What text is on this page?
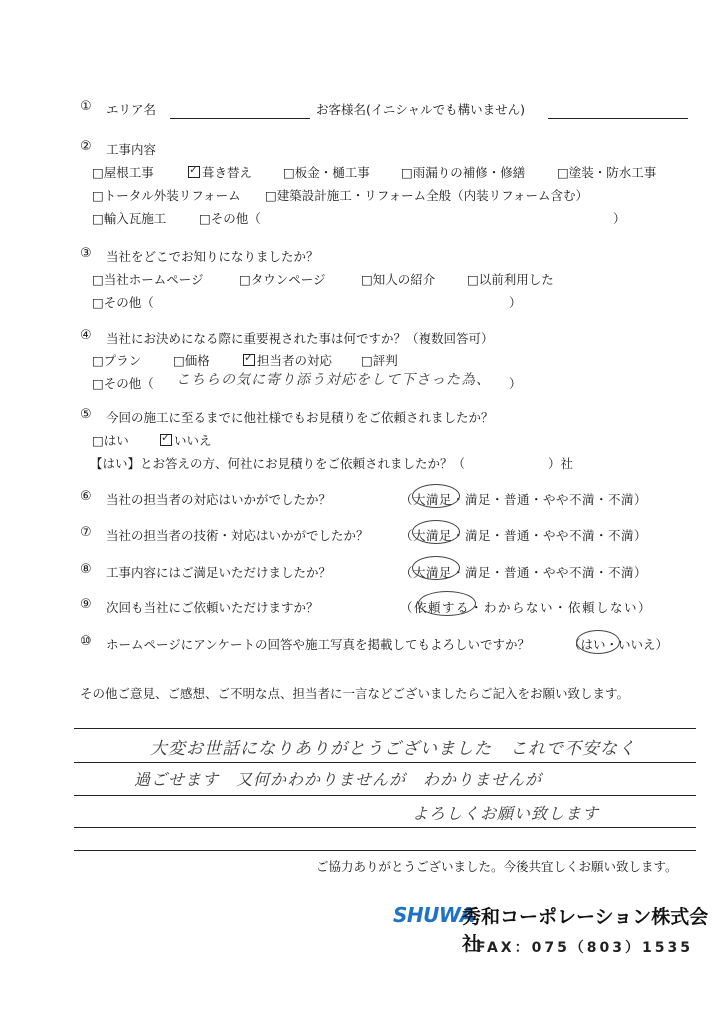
① エリア名	お客様名(イニシャルでも構いません)
② 工事内容
□屋根工事 ✓	葺き替え □板金・樋工事 □雨漏りの補修・修繕	□塗装・防水工事
□トータル外装リフォーム □建築設計施工・リフォーム全般（内装リフォーム含む）
□輸入瓦施工	□その他（	）
③ 当社をどこでお知りになりましたか？
□当社ホームページ	□タウンページ	□知人の紹介	□以前利用した
□その他（	）
④ 当社にお決めになる際に重要視された事は何ですか？（複数回答可）
□プラン	□価格 ✓	担当者の対応 □評判
□その他（ こちらの気に寄り添う対応をして下さった為、 ）
⑤ 今回の施工に至るまでに他社様でもお見積りをご依頼されましたか？
□はい ✓	いいえ
【はい】とお答えの方、何社にお見積りをご依頼されましたか？（	）社
⑥ 当社の担当者の対応はいかがでしたか？	（大満足・満足・普通・やや不満・不満）
⑦ 当社の担当者の技術・対応はいかがでしたか？	（大満足・満足・普通・やや不満・不満）
⑧ 工事内容にはご満足いただけましたか？	（大満足・満足・普通・やや不満・不満）
⑨ 次回も当社にご依頼いただけますか？	（依頼する・わからない・依頼しない）
⑩ ホームページにアンケートの回答や施工写真を掲載してもよろしいですか？	（はい・いいえ）
その他ご意見、ご感想、ご不明な点、担当者に一言などございましたらご記入をお願い致します。
大変お世話になりありがとうございました　これで不安なく
過ごせます　又何かわかりませんが　わかりませんが
よろしくお願い致します
ご協力ありがとうございました。今後共宜しくお願い致します。
SHUWA
秀和コーポレーション株式会社
FAX：075（803）1535
